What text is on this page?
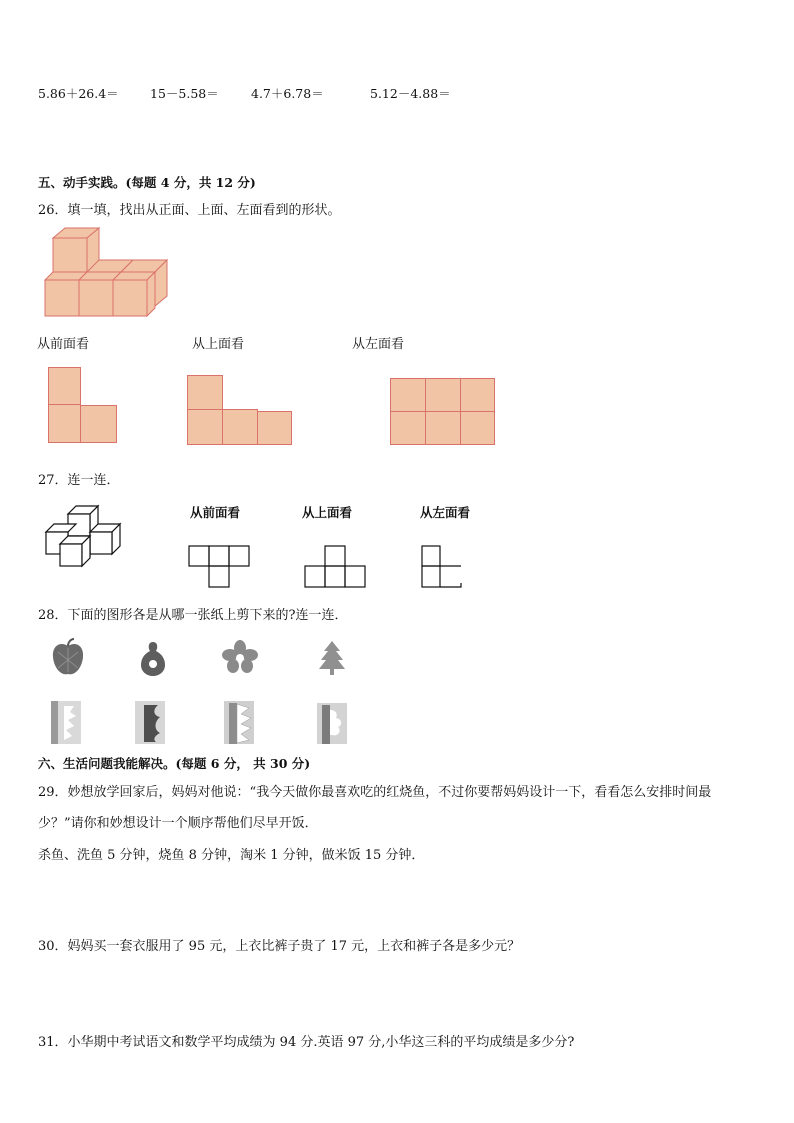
5.86＋26.4＝	15－5.58＝	4.7＋6.78＝	5.12－4.88＝
五、动手实践。(每题 4 分，共 12 分)
26．填一填，找出从正面、上面、左面看到的形状。
从前面看	从上面看	从左面看
27．连一连．
从前面看	从上面看	从左面看
28．下面的图形各是从哪一张纸上剪下来的?连一连．
六、生活问题我能解决。(每题 6 分， 共 30 分)
29．妙想放学回家后，妈妈对他说：“我今天做你最喜欢吃的红烧鱼，不过你要帮妈妈设计一下，看看怎么安排时间最
少？”请你和妙想设计一个顺序帮他们尽早开饭．
杀鱼、洗鱼 5 分钟，烧鱼 8 分钟，淘米 1 分钟，做米饭 15 分钟．
30．妈妈买一套衣服用了 95 元，上衣比裤子贵了 17 元，上衣和裤子各是多少元？
31．小华期中考试语文和数学平均成绩为 94 分.英语 97 分,小华这三科的平均成绩是多少分?
